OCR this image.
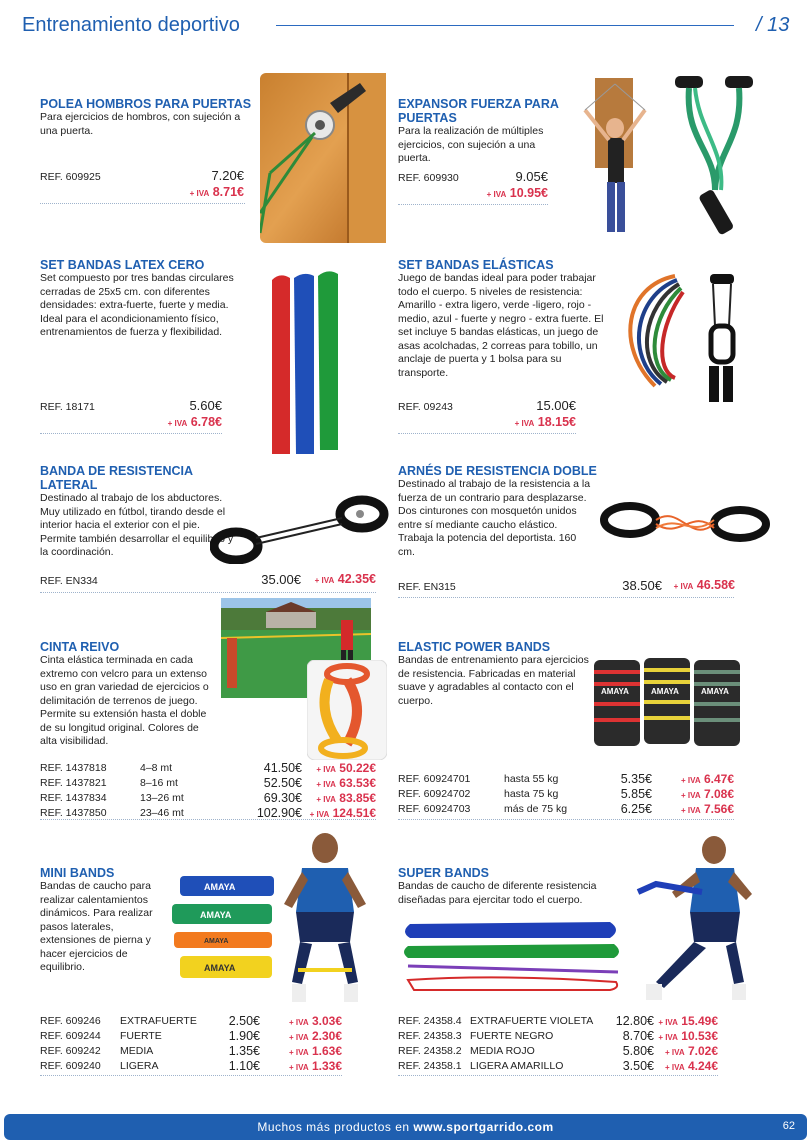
Entrenamiento deportivo	/ 13

POLEA HOMBROS PARA PUERTAS

Para ejercicios de hombros, con sujeción a una puerta.

REF. 609925	7.20€
+ IVA 8.71€

EXPANSOR FUERZA PARA PUERTAS

Para la realización de múltiples ejercicios, con sujeción a una puerta.

REF. 609930	9.05€
+ IVA 10.95€

SET BANDAS LATEX CERO

Set compuesto por tres bandas circulares cerradas de 25x5 cm. con diferentes densidades: extra-fuerte, fuerte y media. Ideal para el acondicionamiento físico, entrenamientos de fuerza y flexibilidad.

REF. 18171	5.60€
+ IVA 6.78€

SET BANDAS ELÁSTICAS

Juego de bandas ideal para poder trabajar todo el cuerpo. 5 niveles de resistencia: Amarillo - extra ligero, verde -ligero, rojo - medio, azul - fuerte y negro - extra fuerte. El set incluye 5 bandas elásticas, un juego de asas acolchadas, 2 correas para tobillo, un anclaje de puerta y 1 bolsa para su transporte.

REF. 09243	15.00€
+ IVA 18.15€

BANDA DE RESISTENCIA LATERAL

Destinado al trabajo de los abductores. Muy utilizado en fútbol, tirando desde el interior hacia el exterior con el pie. Permite también desarrollar el equilibrio y la coordinación.

REF. EN334	35.00€	+ IVA 42.35€

ARNÉS DE RESISTENCIA DOBLE

Destinado al trabajo de la resistencia a la fuerza de un contrario para desplazarse. Dos cinturones con mosquetón unidos entre sí mediante caucho elástico. Trabaja la potencia del deportista. 160 cm.

REF. EN315	38.50€	+ IVA 46.58€

CINTA REIVO

Cinta elástica terminada en cada extremo con velcro para un extenso uso en gran variedad de ejercicios o delimitación de terrenos de juego. Permite su extensión hasta el doble de su longitud original. Colores de alta visibilidad.

REF. 1437818	4–8 mt	41.50€	+ IVA 50.22€
REF. 1437821	8–16 mt	52.50€	+ IVA 63.53€
REF. 1437834	13–26 mt	69.30€	+ IVA 83.85€
REF. 1437850	23–46 mt	102.90€	+ IVA 124.51€

ELASTIC POWER BANDS

Bandas de entrenamiento para ejercicios de resistencia. Fabricadas en material suave y agradables al contacto con el cuerpo.

AMAYA	AMAYA	AMAYA
REF. 60924701	hasta 55 kg	5.35€	+ IVA 6.47€
REF. 60924702	hasta 75 kg	5.85€	+ IVA 7.08€
REF. 60924703	más de 75 kg	6.25€	+ IVA 7.56€

MINI BANDS

Bandas de caucho para realizar calentamientos dinámicos. Para realizar pasos laterales, extensiones de pierna y hacer ejercicios de equilibrio.

AMAYA
AMAYA
AMAYA
AMAYA
REF. 609246	EXTRAFUERTE	2.50€	+ IVA 3.03€
REF. 609244	FUERTE	1.90€	+ IVA 2.30€
REF. 609242	MEDIA	1.35€	+ IVA 1.63€
REF. 609240	LIGERA	1.10€	+ IVA 1.33€

SUPER BANDS

Bandas de caucho de diferente resistencia diseñadas para ejercitar todo el cuerpo.

REF. 24358.4	EXTRAFUERTE VIOLETA	12.80€	+ IVA 15.49€
REF. 24358.3	FUERTE NEGRO	8.70€	+ IVA 10.53€
REF. 24358.2	MEDIA ROJO	5.80€	+ IVA 7.02€
REF. 24358.1	LIGERA AMARILLO	3.50€	+ IVA 4.24€
Muchos más productos en www.sportgarrido.com	62
